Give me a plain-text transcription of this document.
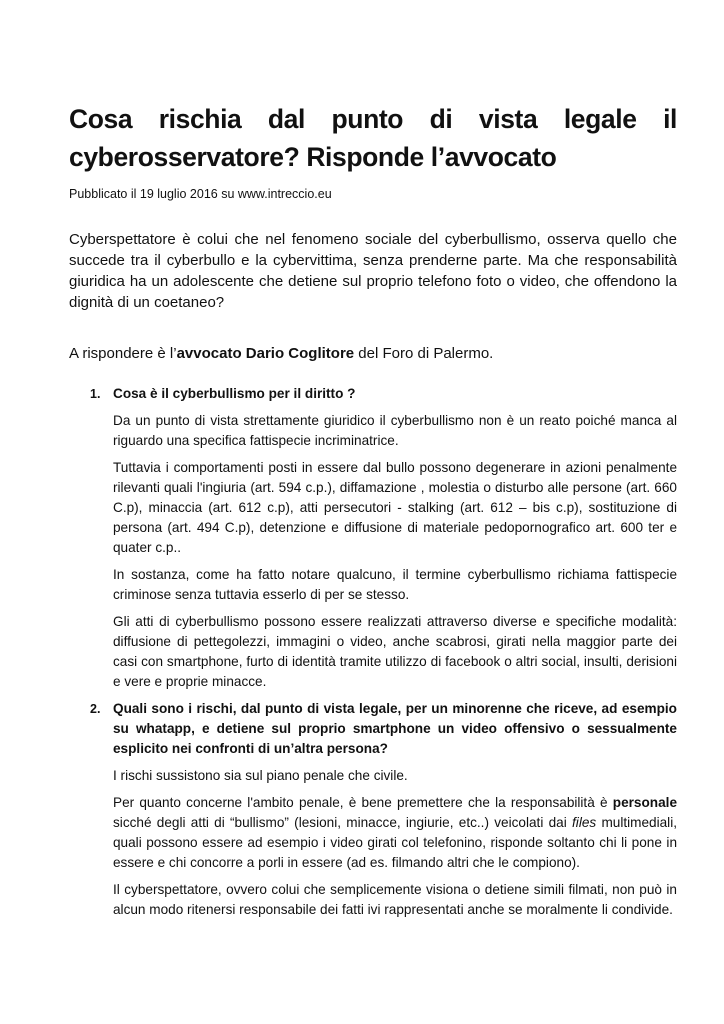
Cosa rischia dal punto di vista legale il cyberosservatore? Risponde l’avvocato
Pubblicato il 19 luglio 2016 su www.intreccio.eu

Cyberspettatore è colui che nel fenomeno sociale del cyberbullismo, osserva quello che succede tra il cyberbullo e la cybervittima, senza prenderne parte. Ma che responsabilità giuridica ha un adolescente che detiene sul proprio telefono foto o video, che offendono la dignità di un coetaneo?

A rispondere è l’avvocato Dario Coglitore del Foro di Palermo.

1. Cosa è il cyberbullismo per il diritto ?

Da un punto di vista strettamente giuridico il cyberbullismo non è un reato poiché manca al riguardo una specifica fattispecie incriminatrice.

Tuttavia i comportamenti posti in essere dal bullo possono degenerare in azioni penalmente rilevanti quali l'ingiuria (art. 594 c.p.), diffamazione , molestia o disturbo alle persone (art. 660 C.p), minaccia (art. 612 c.p), atti persecutori - stalking (art. 612 – bis c.p), sostituzione di persona (art. 494 C.p), detenzione e diffusione di materiale pedopornografico art. 600 ter e quater c.p..

In sostanza, come ha fatto notare qualcuno, il termine cyberbullismo richiama fattispecie criminose senza tuttavia esserlo di per se stesso.

Gli atti di cyberbullismo possono essere realizzati attraverso diverse e specifiche modalità: diffusione di pettegolezzi, immagini o video, anche scabrosi, girati nella maggior parte dei casi con smartphone, furto di identità tramite utilizzo di facebook o altri social, insulti, derisioni e vere e proprie minacce.

2. Quali sono i rischi, dal punto di vista legale, per un minorenne che riceve, ad esempio su whatapp, e detiene sul proprio smartphone un video offensivo o sessualmente esplicito nei confronti di un’altra persona?

I rischi sussistono sia sul piano penale che civile.

Per quanto concerne l'ambito penale, è bene premettere che la responsabilità è personale sicché degli atti di “bullismo” (lesioni, minacce, ingiurie, etc..) veicolati dai files multimediali, quali possono essere ad esempio i video girati col telefonino, risponde soltanto chi li pone in essere e chi concorre a porli in essere (ad es. filmando altri che le compiono).

Il cyberspettatore, ovvero colui che semplicemente visiona o detiene simili filmati, non può in alcun modo ritenersi responsabile dei fatti ivi rappresentati anche se moralmente li condivide.
